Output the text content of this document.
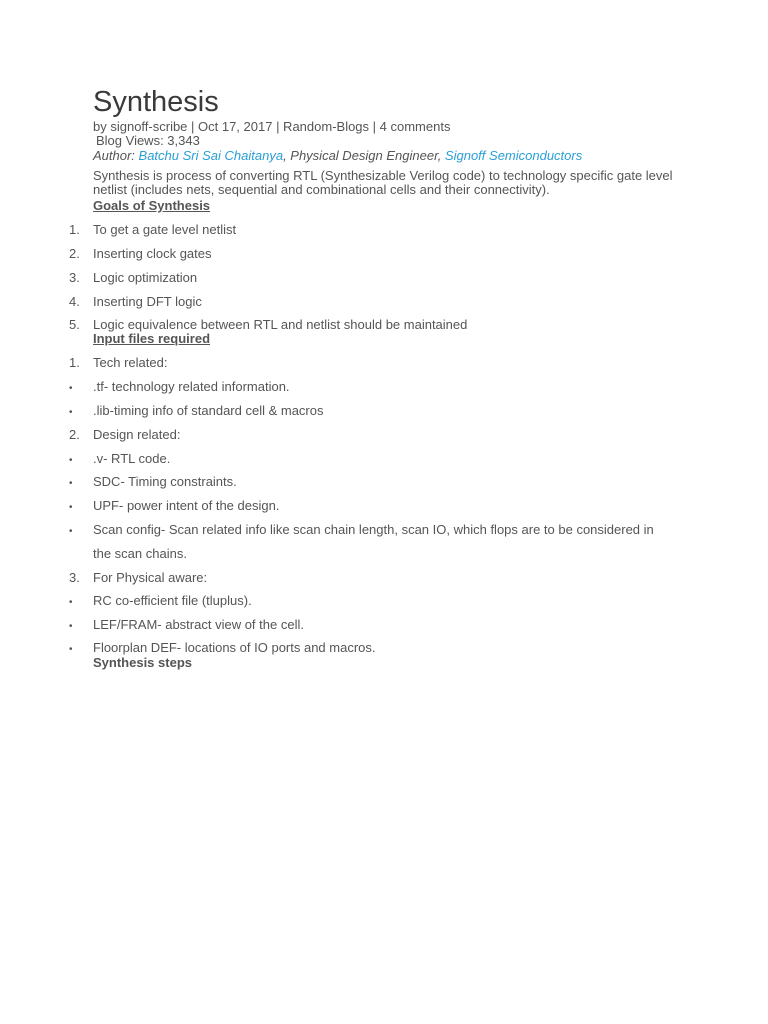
Synthesis
by signoff-scribe | Oct 17, 2017 | Random-Blogs | 4 comments
Blog Views: 3,343
Author: Batchu Sri Sai Chaitanya, Physical Design Engineer, Signoff Semiconductors

Synthesis is process of converting RTL (Synthesizable Verilog code) to technology specific gate level netlist (includes nets, sequential and combinational cells and their connectivity).

Goals of Synthesis
1.	To get a gate level netlist
2.	Inserting clock gates
3.	Logic optimization
4.	Inserting DFT logic
5.	Logic equivalence between RTL and netlist should be maintained
Input files required
1.	Tech related:
•	.tf- technology related information.
•	.lib-timing info of standard cell & macros
2.	Design related:
•	.v- RTL code.
•	SDC- Timing constraints.
•	UPF- power intent of the design.
•	Scan config- Scan related info like scan chain length, scan IO, which flops are to be considered in the scan chains.
3.	For Physical aware:
•	RC co-efficient file (tluplus).
•	LEF/FRAM- abstract view of the cell.
•	Floorplan DEF- locations of IO ports and macros.
Synthesis steps
